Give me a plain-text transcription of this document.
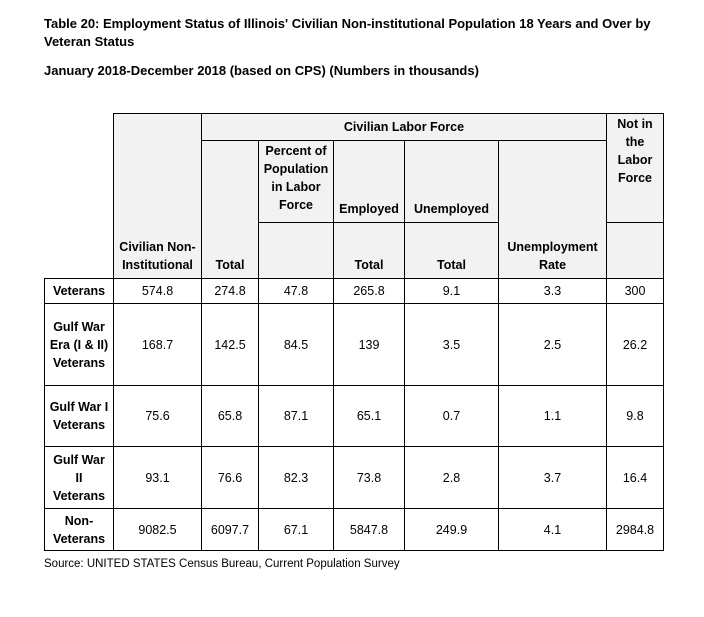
Table 20: Employment Status of Illinois' Civilian Non-institutional Population 18 Years and Over by Veteran Status
January 2018-December 2018 (based on CPS) (Numbers in thousands)
	Civilian Non-Institutional	Civilian Labor Force					Not in the Labor Force
		Total	Percent of Population in Labor Force	Employed	Unemployed	Unemployment Rate	
				Total	Total		
Veterans	574.8	274.8	47.8	265.8	9.1	3.3	300
Gulf War Era (I & II) Veterans	168.7	142.5	84.5	139	3.5	2.5	26.2
Gulf War I Veterans	75.6	65.8	87.1	65.1	0.7	1.1	9.8
Gulf War II Veterans	93.1	76.6	82.3	73.8	2.8	3.7	16.4
Non-Veterans	9082.5	6097.7	67.1	5847.8	249.9	4.1	2984.8
Source: UNITED STATES Census Bureau, Current Population Survey
